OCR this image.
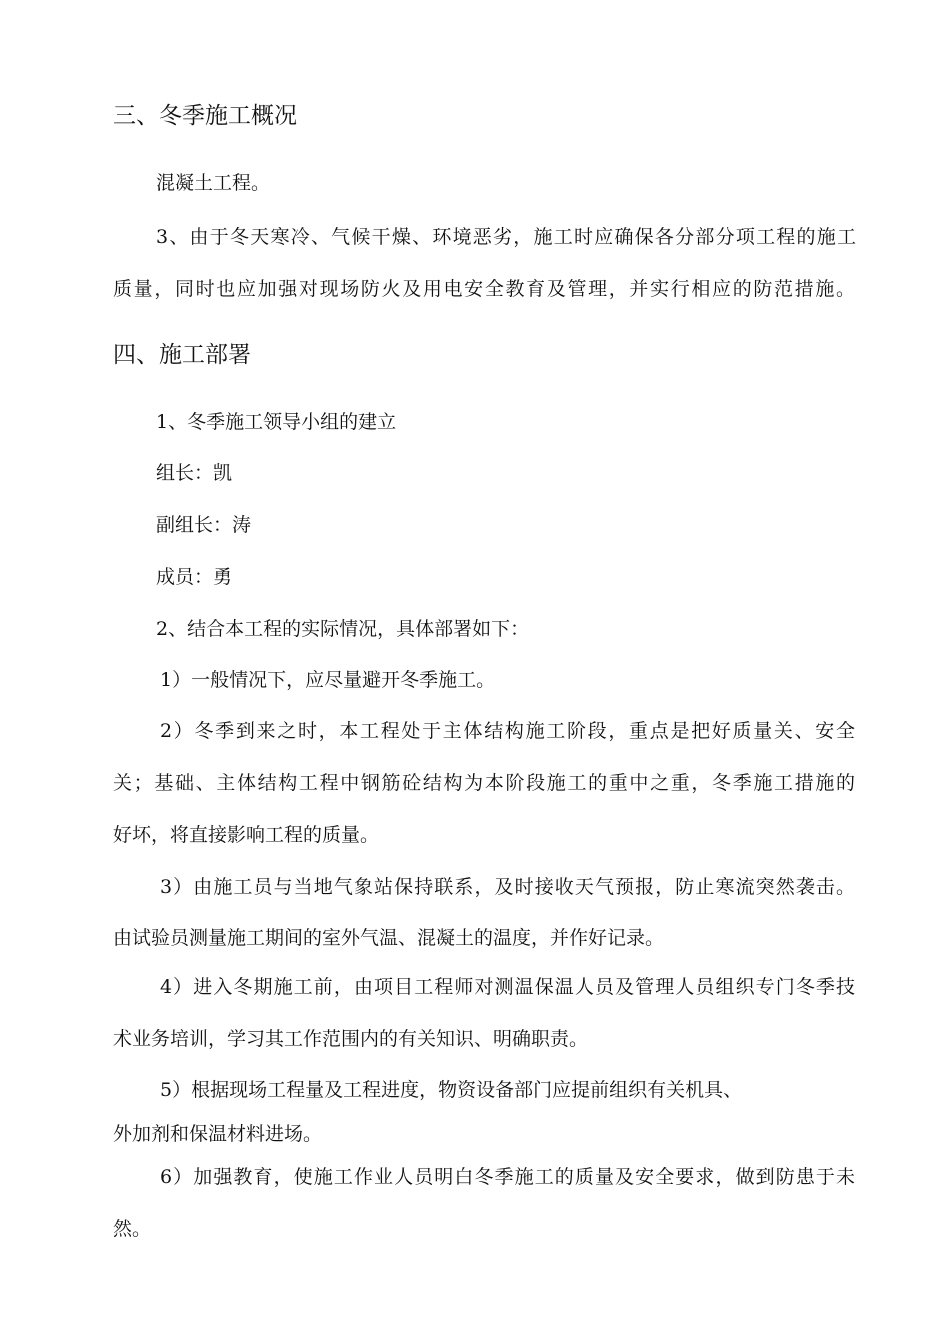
三、冬季施工概况

混凝土工程。

3、由于冬天寒冷、气候干燥、环境恶劣，施工时应确保各分部分项工程的施工

质量，同时也应加强对现场防火及用电安全教育及管理，并实行相应的防范措施。

四、施工部署

1、冬季施工领导小组的建立

组长：凯

副组长：涛

成员：勇

2、结合本工程的实际情况，具体部署如下：

1）一般情况下，应尽量避开冬季施工。

2）冬季到来之时，本工程处于主体结构施工阶段，重点是把好质量关、安全

关；基础、主体结构工程中钢筋砼结构为本阶段施工的重中之重，冬季施工措施的

好坏，将直接影响工程的质量。

3）由施工员与当地气象站保持联系，及时接收天气预报，防止寒流突然袭击。

由试验员测量施工期间的室外气温、混凝土的温度，并作好记录。

4）进入冬期施工前，由项目工程师对测温保温人员及管理人员组织专门冬季技

术业务培训，学习其工作范围内的有关知识、明确职责。

5）根据现场工程量及工程进度，物资设备部门应提前组织有关机具、

外加剂和保温材料进场。

6）加强教育，使施工作业人员明白冬季施工的质量及安全要求，做到防患于未

然。
